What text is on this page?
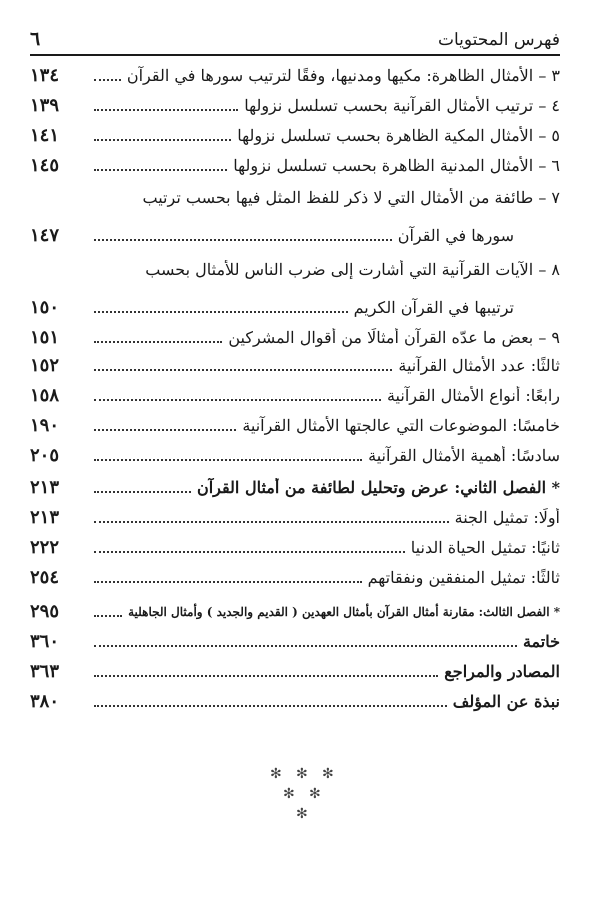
فهرس المحتويات
٦
٣ – الأمثال الظاهرة: مكيها ومدنيها، وفقًا لترتيب سورها في القرآن
١٣٤
٤ – ترتيب الأمثال القرآنية بحسب تسلسل نزولها
١٣٩
٥ – الأمثال المكية الظاهرة بحسب تسلسل نزولها
١٤١
٦ – الأمثال المدنية الظاهرة بحسب تسلسل نزولها
١٤٥
٧ – طائفة من الأمثال التي لا ذكر للفظ المثل فيها بحسب ترتيب
سورها في القرآن
١٤٧
٨ – الآيات القرآنية التي أشارت إلى ضرب الناس للأمثال بحسب
ترتيبها في القرآن الكريم
١٥٠
٩ – بعض ما عدّه القرآن أمثالًا من أقوال المشركين
١٥١
ثالثًا: عدد الأمثال القرآنية
١٥٢
رابعًا: أنواع الأمثال القرآنية
١٥٨
خامسًا: الموضوعات التي عالجتها الأمثال القرآنية
١٩٠
سادسًا: أهمية الأمثال القرآنية
٢٠٥
* الفصل الثاني: عرض وتحليل لطائفة من أمثال القرآن
٢١٣
أولًا: تمثيل الجنة
٢١٣
ثانيًا: تمثيل الحياة الدنيا
٢٢٢
ثالثًا: تمثيل المنفقين ونفقاتهم
٢٥٤
* الفصل الثالث: مقارنة أمثال القرآن بأمثال العهدين ( القديم والجديد ) وأمثال الجاهلية
٢٩٥
خاتمة
٣٦٠
المصادر والمراجع
٣٦٣
نبذة عن المؤلف
٣٨٠
✻ ✻ ✻
✻ ✻
✻
